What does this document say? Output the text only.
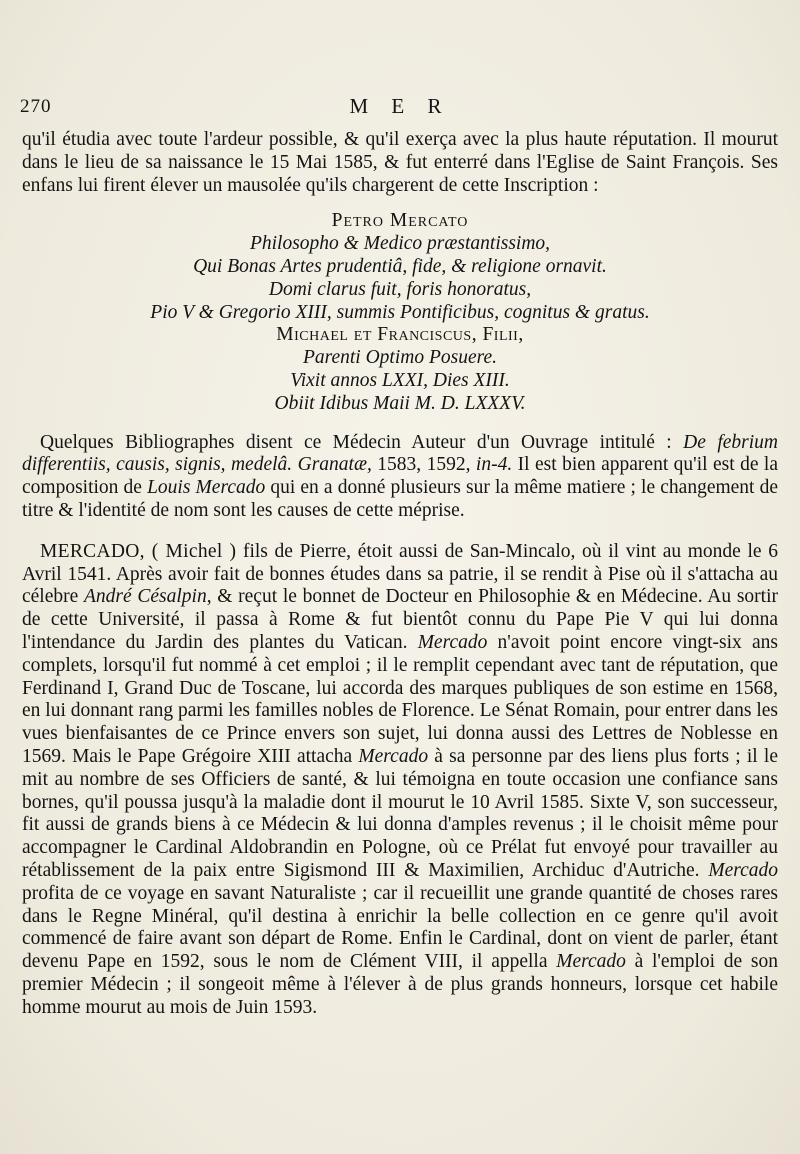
270	M E R

qu'il étudia avec toute l'ardeur possible, & qu'il exerça avec la plus haute réputation. Il mourut dans le lieu de sa naissance le 15 Mai 1585, & fut enterré dans l'Eglise de Saint François. Ses enfans lui firent élever un mausolée qu'ils chargerent de cette Inscription :

Petro Mercato
Philosopho & Medico præstantissimo,
Qui Bonas Artes prudentiâ, fide, & religione ornavit.
Domi clarus fuit, foris honoratus,
Pio V & Gregorio XIII, summis Pontificibus, cognitus & gratus.
Michael et Franciscus, Filii,
Parenti Optimo Posuere.
Vixit annos LXXI, Dies XIII.
Obiit Idibus Maii M. D. LXXXV.

Quelques Bibliographes disent ce Médecin Auteur d'un Ouvrage intitulé : De febrium differentiis, causis, signis, medelâ. Granatæ, 1583, 1592, in-4. Il est bien apparent qu'il est de la composition de Louis Mercado qui en a donné plusieurs sur la même matiere ; le changement de titre & l'identité de nom sont les causes de cette méprise.

MERCADO, ( Michel ) fils de Pierre, étoit aussi de San-Mincalo, où il vint au monde le 6 Avril 1541. Après avoir fait de bonnes études dans sa patrie, il se rendit à Pise où il s'attacha au célebre André Césalpin, & reçut le bonnet de Docteur en Philosophie & en Médecine. Au sortir de cette Université, il passa à Rome & fut bientôt connu du Pape Pie V qui lui donna l'intendance du Jardin des plantes du Vatican. Mercado n'avoit point encore vingt-six ans complets, lorsqu'il fut nommé à cet emploi ; il le remplit cependant avec tant de réputation, que Ferdinand I, Grand Duc de Toscane, lui accorda des marques publiques de son estime en 1568, en lui donnant rang parmi les familles nobles de Florence. Le Sénat Romain, pour entrer dans les vues bienfaisantes de ce Prince envers son sujet, lui donna aussi des Lettres de Noblesse en 1569. Mais le Pape Grégoire XIII attacha Mercado à sa personne par des liens plus forts ; il le mit au nombre de ses Officiers de santé, & lui témoigna en toute occasion une confiance sans bornes, qu'il poussa jusqu'à la maladie dont il mourut le 10 Avril 1585. Sixte V, son successeur, fit aussi de grands biens à ce Médecin & lui donna d'amples revenus ; il le choisit même pour accompagner le Cardinal Aldobrandin en Pologne, où ce Prélat fut envoyé pour travailler au rétablissement de la paix entre Sigismond III & Maximilien, Archiduc d'Autriche. Mercado profita de ce voyage en savant Naturaliste ; car il recueillit une grande quantité de choses rares dans le Regne Minéral, qu'il destina à enrichir la belle collection en ce genre qu'il avoit commencé de faire avant son départ de Rome. Enfin le Cardinal, dont on vient de parler, étant devenu Pape en 1592, sous le nom de Clément VIII, il appella Mercado à l'emploi de son premier Médecin ; il songeoit même à l'élever à de plus grands honneurs, lorsque cet habile homme mourut au mois de Juin 1593.
